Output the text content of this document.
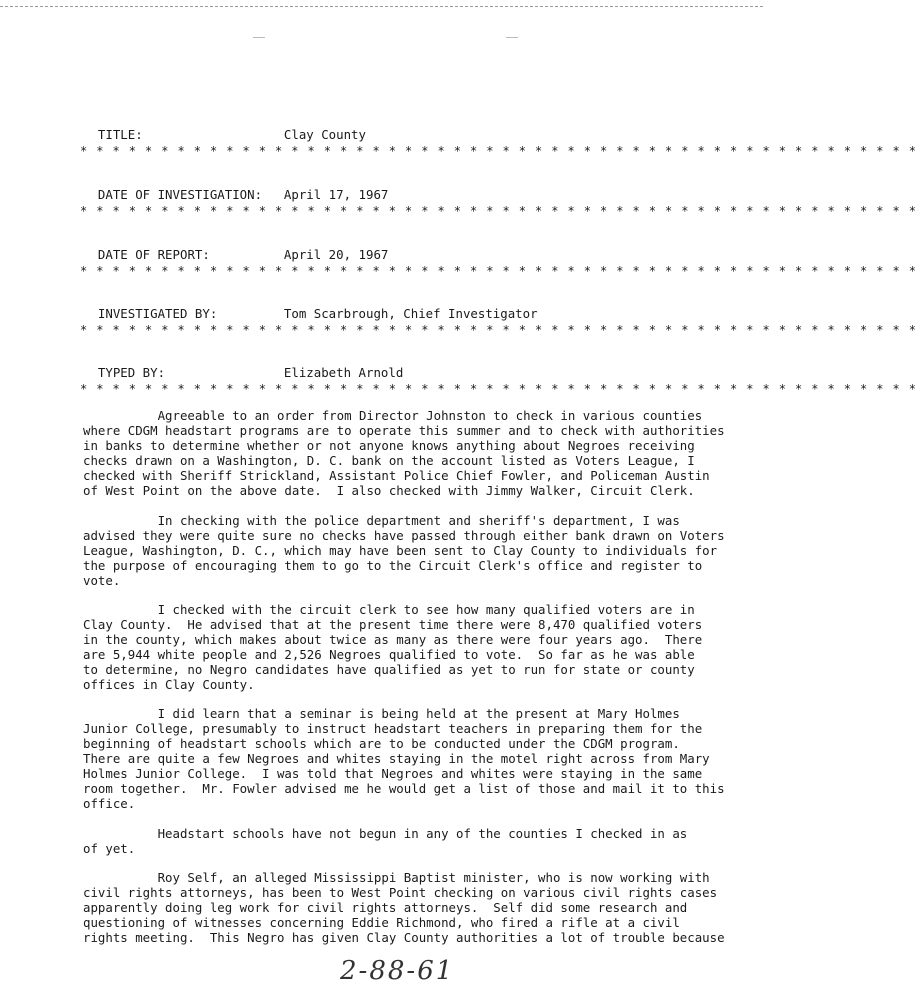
TITLE:	Clay County

* * * * * * * * * * * * * * * * * * * * * * * * * * * * * * * * * * * * * * * * * * * * * * * * * * * *

DATE OF INVESTIGATION: April 17, 1967

* * * * * * * * * * * * * * * * * * * * * * * * * * * * * * * * * * * * * * * * * * * * * * * * * * * *

DATE OF REPORT:	April 20, 1967

* * * * * * * * * * * * * * * * * * * * * * * * * * * * * * * * * * * * * * * * * * * * * * * * * * * *

INVESTIGATED BY:	Tom Scarbrough, Chief Investigator

* * * * * * * * * * * * * * * * * * * * * * * * * * * * * * * * * * * * * * * * * * * * * * * * * * * *

TYPED BY:	Elizabeth Arnold

* * * * * * * * * * * * * * * * * * * * * * * * * * * * * * * * * * * * * * * * * * * * * * * * * * * *
Agreeable to an order from Director Johnston to check in various counties
where CDGM headstart programs are to operate this summer and to check with authorities
in banks to determine whether or not anyone knows anything about Negroes receiving
checks drawn on a Washington, D. C. bank on the account listed as Voters League, I
checked with Sheriff Strickland, Assistant Police Chief Fowler, and Policeman Austin
of West Point on the above date.  I also checked with Jimmy Walker, Circuit Clerk.
In checking with the police department and sheriff's department, I was
advised they were quite sure no checks have passed through either bank drawn on Voters
League, Washington, D. C., which may have been sent to Clay County to individuals for
the purpose of encouraging them to go to the Circuit Clerk's office and register to
vote.
I checked with the circuit clerk to see how many qualified voters are in
Clay County.  He advised that at the present time there were 8,470 qualified voters
in the county, which makes about twice as many as there were four years ago.  There
are 5,944 white people and 2,526 Negroes qualified to vote.  So far as he was able
to determine, no Negro candidates have qualified as yet to run for state or county
offices in Clay County.
I did learn that a seminar is being held at the present at Mary Holmes
Junior College, presumably to instruct headstart teachers in preparing them for the
beginning of headstart schools which are to be conducted under the CDGM program.
There are quite a few Negroes and whites staying in the motel right across from Mary
Holmes Junior College.  I was told that Negroes and whites were staying in the same
room together.  Mr. Fowler advised me he would get a list of those and mail it to this
office.
Headstart schools have not begun in any of the counties I checked in as
of yet.
Roy Self, an alleged Mississippi Baptist minister, who is now working with
civil rights attorneys, has been to West Point checking on various civil rights cases
apparently doing leg work for civil rights attorneys.  Self did some research and
questioning of witnesses concerning Eddie Richmond, who fired a rifle at a civil
rights meeting.  This Negro has given Clay County authorities a lot of trouble because
2-88-61
